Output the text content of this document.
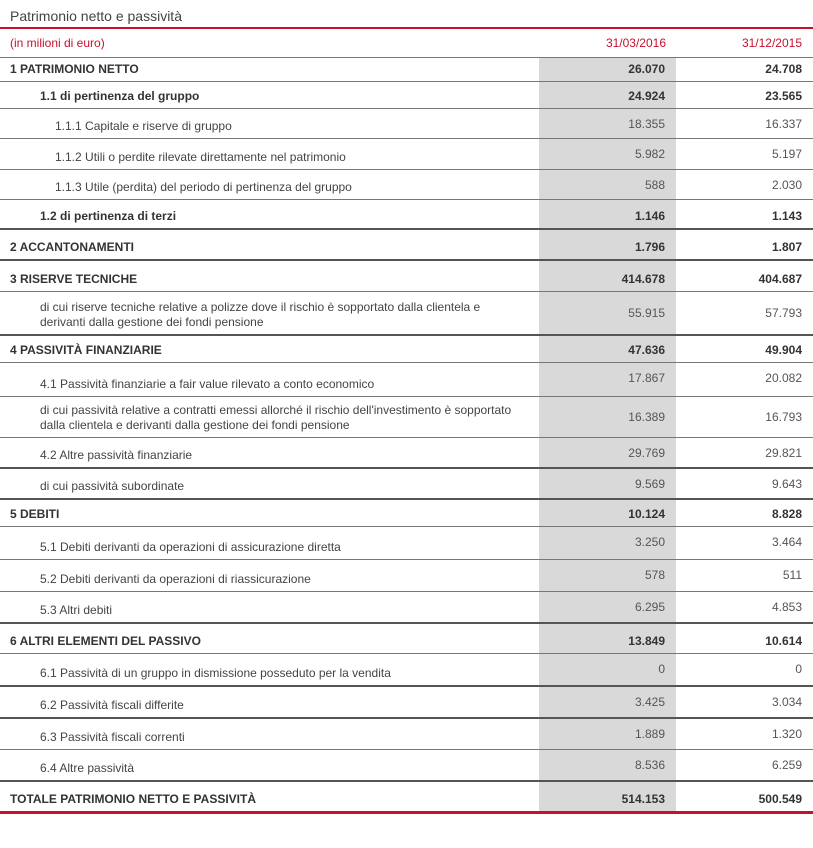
Patrimonio netto e passività
(in milioni di euro)	31/03/2016	31/12/2015
1 PATRIMONIO NETTO	26.070	24.708
1.1 di pertinenza del gruppo	24.924	23.565
1.1.1 Capitale e riserve di gruppo	18.355	16.337
1.1.2 Utili o perdite rilevate direttamente nel patrimonio	5.982	5.197
1.1.3 Utile (perdita) del periodo di pertinenza del gruppo	588	2.030
1.2 di pertinenza di terzi	1.146	1.143
2 ACCANTONAMENTI	1.796	1.807
3 RISERVE TECNICHE	414.678	404.687
di cui riserve tecniche relative a polizze dove il rischio è sopportato dalla clientela e derivanti dalla gestione dei fondi pensione
55.915	57.793
4 PASSIVITÀ FINANZIARIE	47.636	49.904
4.1 Passività finanziarie a fair value rilevato a conto economico	17.867	20.082
di cui passività relative a contratti emessi allorché il rischio dell'investimento è sopportato dalla clientela e derivanti dalla gestione dei fondi pensione
16.389	16.793
4.2 Altre passività finanziarie	29.769	29.821
di cui passività subordinate	9.569	9.643
5 DEBITI	10.124	8.828
5.1 Debiti derivanti da operazioni di assicurazione diretta	3.250	3.464
5.2 Debiti derivanti da operazioni di riassicurazione	578	511
5.3 Altri debiti	6.295	4.853
6 ALTRI ELEMENTI DEL PASSIVO	13.849	10.614
6.1 Passività di un gruppo in dismissione posseduto per la vendita	0	0
6.2 Passività fiscali differite	3.425	3.034
6.3 Passività fiscali correnti	1.889	1.320
6.4 Altre passività	8.536	6.259
TOTALE PATRIMONIO NETTO E PASSIVITÀ	514.153	500.549
